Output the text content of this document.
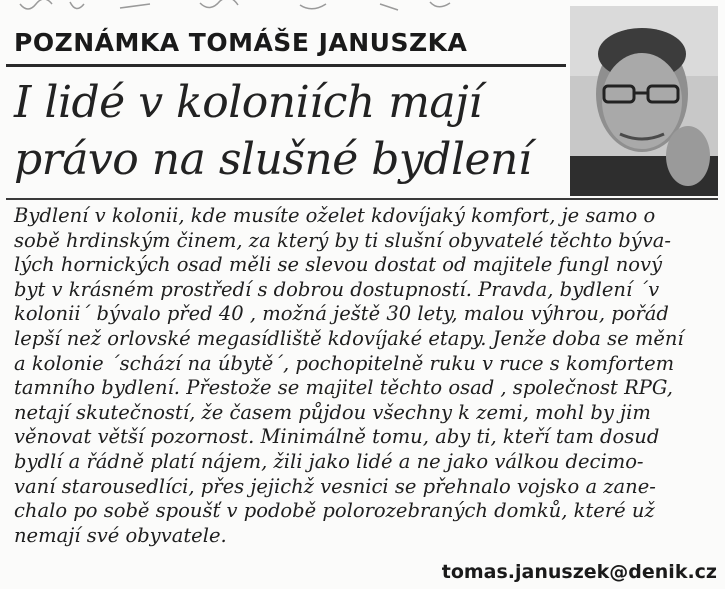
POZNÁMKA TOMÁŠE JANUSZKA
I lidé v koloniích mají
právo na slušné bydlení
Bydlení v kolonii, kde musíte oželet kdovíjaký komfort, je samo o
sobě hrdinským činem, za který by ti slušní obyvatelé těchto býva-
lých hornických osad měli se slevou dostat od majitele fungl nový
byt v krásném prostředí s dobrou dostupností. Pravda, bydlení ´v
kolonii´ bývalo před 40 , možná ještě 30 lety, malou výhrou, pořád
lepší než orlovské megasídliště kdovíjaké etapy. Jenže doba se mění
a kolonie ´schází na úbytě´, pochopitelně ruku v ruce s komfortem
tamního bydlení. Přestože se majitel těchto osad , společnost RPG,
netají skutečností, že časem půjdou všechny k zemi, mohl by jim
věnovat větší pozornost. Minimálně tomu, aby ti, kteří tam dosud
bydlí a řádně platí nájem, žili jako lidé a ne jako válkou decimo-
vaní starousedlíci, přes jejichž vesnici se přehnalo vojsko a zane-
chalo po sobě spoušť v podobě polorozebraných domků, které už
nemají své obyvatele.
tomas.januszek@denik.cz
